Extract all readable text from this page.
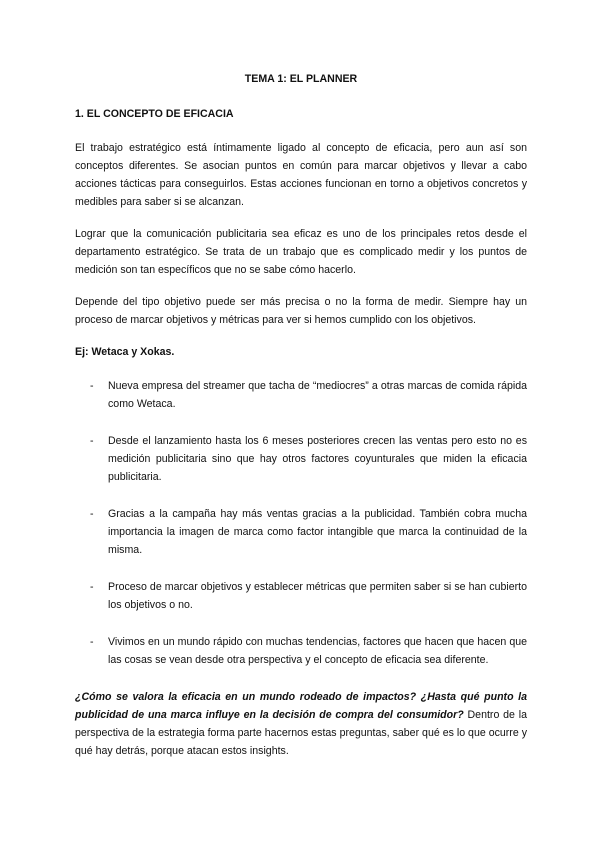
TEMA 1: EL PLANNER
1. EL CONCEPTO DE EFICACIA

El trabajo estratégico está íntimamente ligado al concepto de eficacia, pero aun así son conceptos diferentes. Se asocian puntos en común para marcar objetivos y llevar a cabo acciones tácticas para conseguirlos. Estas acciones funcionan en torno a objetivos concretos y medibles para saber si se alcanzan.

Lograr que la comunicación publicitaria sea eficaz es uno de los principales retos desde el departamento estratégico. Se trata de un trabajo que es complicado medir y los puntos de medición son tan específicos que no se sabe cómo hacerlo.

Depende del tipo objetivo puede ser más precisa o no la forma de medir. Siempre hay un proceso de marcar objetivos y métricas para ver si hemos cumplido con los objetivos.

Ej: Wetaca y Xokas.
- Nueva empresa del streamer que tacha de “mediocres” a otras marcas de comida rápida como Wetaca.
- Desde el lanzamiento hasta los 6 meses posteriores crecen las ventas pero esto no es medición publicitaria sino que hay otros factores coyunturales que miden la eficacia publicitaria.
- Gracias a la campaña hay más ventas gracias a la publicidad. También cobra mucha importancia la imagen de marca como factor intangible que marca la continuidad de la misma.
- Proceso de marcar objetivos y establecer métricas que permiten saber si se han cubierto los objetivos o no.
- Vivimos en un mundo rápido con muchas tendencias, factores que hacen que hacen que las cosas se vean desde otra perspectiva y el concepto de eficacia sea diferente.

¿Cómo se valora la eficacia en un mundo rodeado de impactos? ¿Hasta qué punto la publicidad de una marca influye en la decisión de compra del consumidor? Dentro de la perspectiva de la estrategia forma parte hacernos estas preguntas, saber qué es lo que ocurre y qué hay detrás, porque atacan estos insights.
